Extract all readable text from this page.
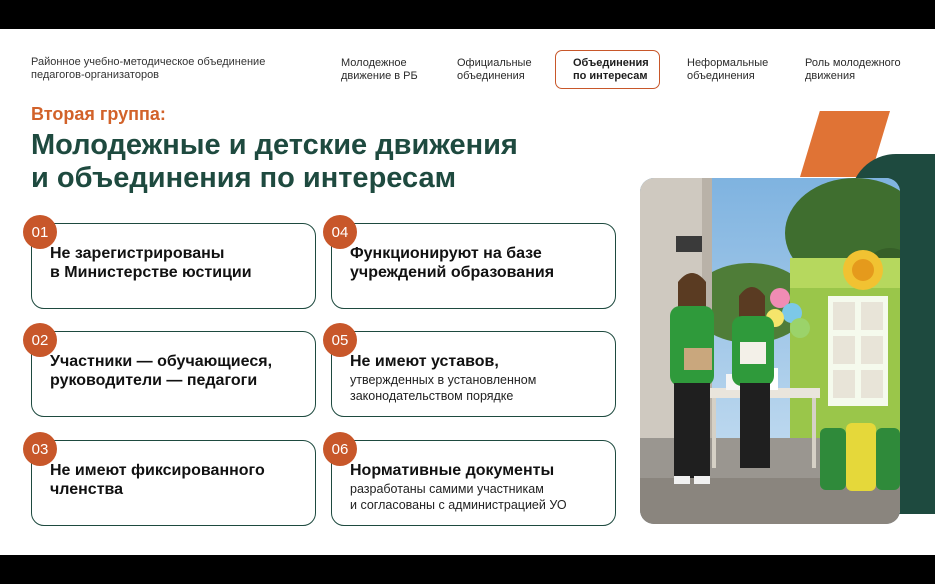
Районное учебно-методическое объединение
педагогов-организаторов
Молодежное
движение в РБ
Официальные
объединения
Объединения
по интересам
Неформальные
объединения
Роль молодежного
движения
Вторая группа:
Молодежные и детские движения
и объединения по интересам
01
Не зарегистрированы
в Министерстве юстиции
02
Участники — обучающиеся,
руководители — педагоги
03
Не имеют фиксированного
членства
04
Функционируют на базе
учреждений образования
05
Не имеют уставов,
утвержденных в установленном
законодательством порядке
06
Нормативные документы
разработаны самими участникам
и согласованы с администрацией УО
